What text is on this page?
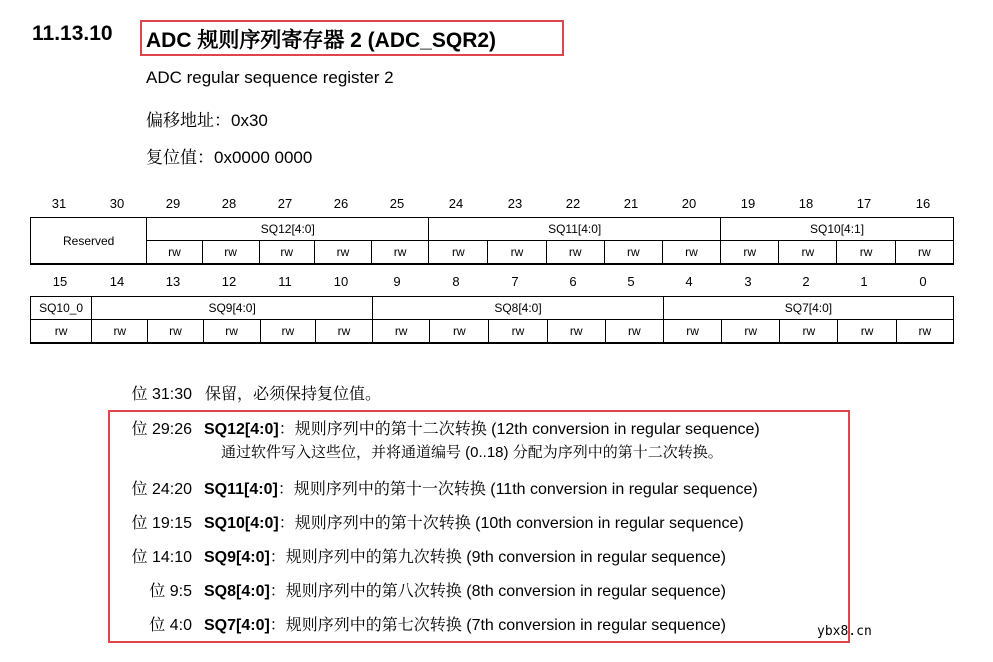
11.13.10 ADC 规则序列寄存器 2 (ADC_SQR2)
ADC regular sequence register 2
偏移地址：0x30
复位值：0x0000 0000
31	30	29	28	27	26	25	24	23	22	21	20	19	18	17	16
Reserved	SQ12[4:0]					SQ11[4:0]					SQ10[4:1]			
	rw	rw	rw	rw	rw	rw	rw	rw	rw	rw	rw	rw	rw	rw
15	14	13	12	11	10	9	8	7	6	5	4	3	2	1	0
SQ10_0	SQ9[4:0]					SQ8[4:0]					SQ7[4:0]				
rw	rw	rw	rw	rw	rw	rw	rw	rw	rw	rw	rw	rw	rw	rw	rw
位 31:30 保留，必须保持复位值。
位 29:26 SQ12[4:0]：规则序列中的第十二次转换 (12th conversion in regular sequence)
通过软件写入这些位，并将通道编号 (0..18) 分配为序列中的第十二次转换。
位 24:20 SQ11[4:0]：规则序列中的第十一次转换 (11th conversion in regular sequence)
位 19:15 SQ10[4:0]：规则序列中的第十次转换 (10th conversion in regular sequence)
位 14:10 SQ9[4:0]：规则序列中的第九次转换 (9th conversion in regular sequence)
位 9:5 SQ8[4:0]：规则序列中的第八次转换 (8th conversion in regular sequence)
位 4:0 SQ7[4:0]：规则序列中的第七次转换 (7th conversion in regular sequence)	ybx8.cn
